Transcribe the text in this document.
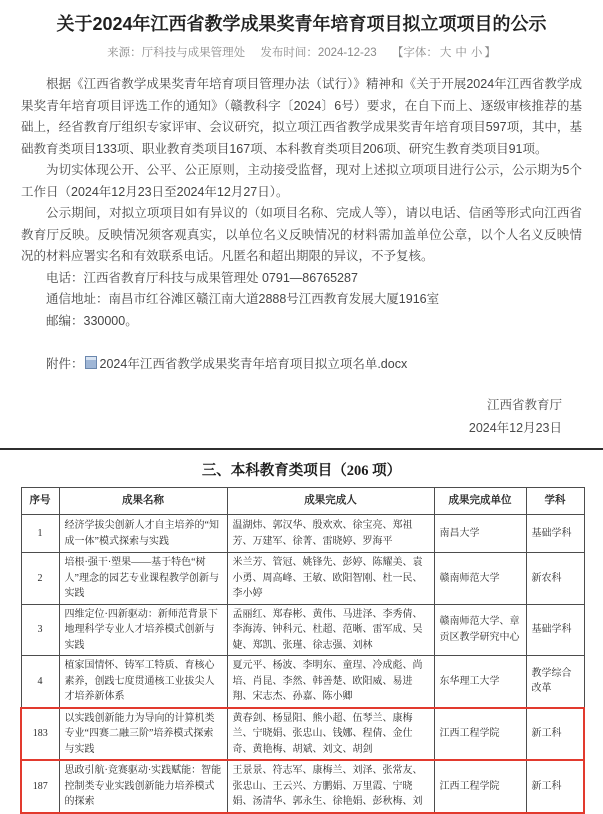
关于2024年江西省教学成果奖青年培育项目拟立项项目的公示
来源：厅科技与成果管理处 发布时间：2024-12-23 【字体： 大 中 小 】

根据《江西省教学成果奖青年培育项目管理办法（试行）》精神和《关于开展2024年江西省教学成果奖青年培育项目评选工作的通知》（赣教科字〔2024〕6号）要求，在自下而上、逐级审核推荐的基础上，经省教育厅组织专家评审、会议研究，拟立项江西省教学成果奖青年培育项目597项，其中，基础教育类项目133项、职业教育类项目167项、本科教育类项目206项、研究生教育类项目91项。

为切实体现公开、公平、公正原则，主动接受监督，现对上述拟立项项目进行公示，公示期为5个工作日（2024年12月23日至2024年12月27日）。

公示期间，对拟立项项目如有异议的（如项目名称、完成人等），请以电话、信函等形式向江西省教育厅反映。反映情况须客观真实，以单位名义反映情况的材料需加盖单位公章，以个人名义反映情况的材料应署实名和有效联系电话。凡匿名和超出期限的异议，不予复核。

电话：江西省教育厅科技与成果管理处 0791—86765287

通信地址：南昌市红谷滩区赣江南大道2888号江西教育发展大厦1916室

邮编：330000。

附件： 2024年江西省教学成果奖青年培育项目拟立项名单.docx

江西省教育厅
2024年12月23日
三、本科教育类项目（206 项）
序号	成果名称	成果完成人	成果完成单位	学科
1	经济学拔尖创新人才自主培养的“知成一体”模式探索与实践	温湖炜、郭汉华、殷欢欢、徐宝亮、郑祖芳、万建军、徐菁、雷晓婷、罗海平	南昌大学	基础学科
2	培根·强干·塑果——基于特色“树人”理念的园艺专业课程教学创新与实践	米兰芳、管冠、姚锋先、彭婷、陈耀美、袁小勇、周高峰、王敏、欧阳智刚、杜一民、李小婷	赣南师范大学	新农科
3	四维定位·四新驱动：新师范背景下地理科学专业人才培养模式创新与实践	孟丽红、郑春彬、黄伟、马进泽、李秀倩、李海涛、钟科元、杜超、范晰、雷军成、吴婕、郑凯、张瑾、徐志强、刘林	赣南师范大学、章贡区教学研究中心	基础学科
4	植家国情怀、铸军工特质、育核心素养，创践七度贯通核工业拔尖人才培养新体系	夏元平、杨波、李明东、童珵、冷成彪、尚培、肖昆、李然、韩善楚、欧阳威、易进翔、宋志杰、孙嘉、陈小卿	东华理工大学	教学综合改革
183	以实践创新能力为导向的计算机类专业“四赛二融三阶”培养模式探索与实践	黄春剑、杨显阳、熊小超、伍琴兰、康梅兰、宁晓娟、张忠山、钱娜、程倩、金仕奇、黄艳梅、胡斌、刘文、胡剑	江西工程学院	新工科
187	思政引航·竞赛驱动·实践赋能：智能控制类专业实践创新能力培养模式的探索	王景景、符志军、康梅兰、刘泽、张常友、张忠山、王云兴、方鹏娟、万里霞、宁晓娟、汤清华、郭永生、徐艳娟、彭秋梅、刘	江西工程学院	新工科
